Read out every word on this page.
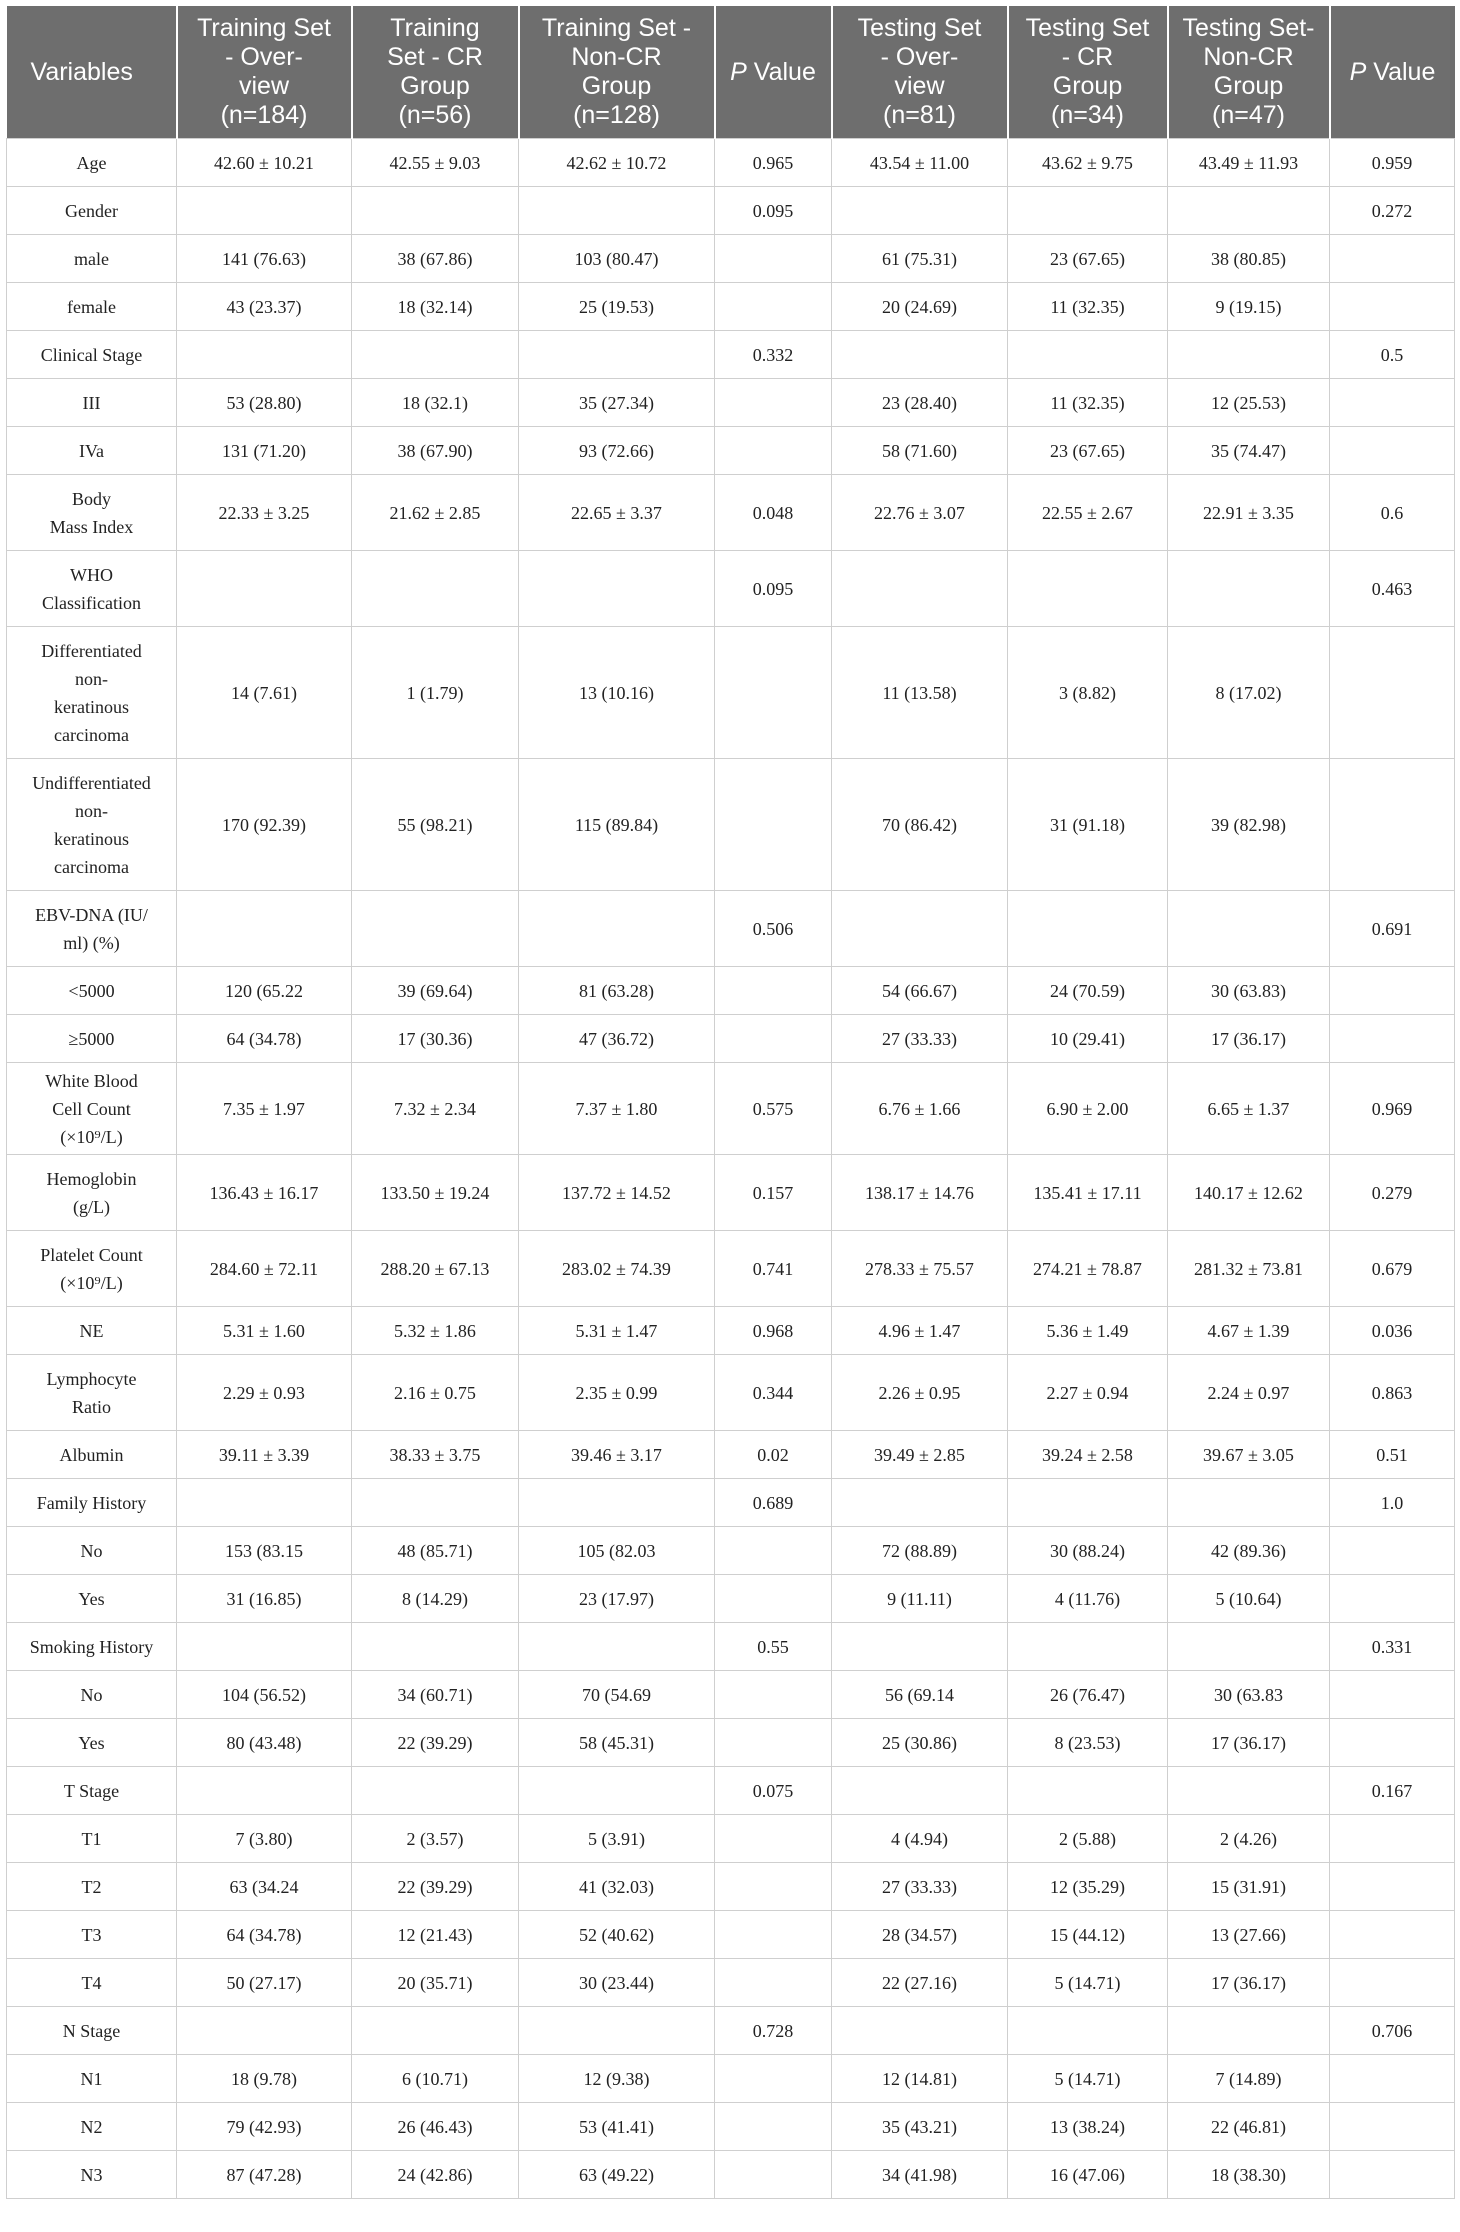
Variables	Training Set
- Over-
view
(n=184)	Training
Set - CR
Group
(n=56)	Training Set -
Non-CR
Group
(n=128)	P Value	Testing Set
- Over-
view
(n=81)	Testing Set
- CR
Group
(n=34)	Testing Set-
Non-CR
Group
(n=47)	P Value
Age	42.60 ± 10.21	42.55 ± 9.03	42.62 ± 10.72	0.965	43.54 ± 11.00	43.62 ± 9.75	43.49 ± 11.93	0.959
Gender				0.095				0.272
male	141 (76.63)	38 (67.86)	103 (80.47)		61 (75.31)	23 (67.65)	38 (80.85)	
female	43 (23.37)	18 (32.14)	25 (19.53)		20 (24.69)	11 (32.35)	9 (19.15)	
Clinical Stage				0.332				0.5
III	53 (28.80)	18 (32.1)	35 (27.34)		23 (28.40)	11 (32.35)	12 (25.53)	
IVa	131 (71.20)	38 (67.90)	93 (72.66)		58 (71.60)	23 (67.65)	35 (74.47)	
Body
Mass Index	22.33 ± 3.25	21.62 ± 2.85	22.65 ± 3.37	0.048	22.76 ± 3.07	22.55 ± 2.67	22.91 ± 3.35	0.6
WHO
Classification				0.095				0.463
Differentiated
non-
keratinous
carcinoma	14 (7.61)	1 (1.79)	13 (10.16)		11 (13.58)	3 (8.82)	8 (17.02)	
Undifferentiated
non-
keratinous
carcinoma	170 (92.39)	55 (98.21)	115 (89.84)		70 (86.42)	31 (91.18)	39 (82.98)	
EBV-DNA (IU/
ml) (%)				0.506				0.691
<5000	120 (65.22	39 (69.64)	81 (63.28)		54 (66.67)	24 (70.59)	30 (63.83)	
≥5000	64 (34.78)	17 (30.36)	47 (36.72)		27 (33.33)	10 (29.41)	17 (36.17)	
White Blood
Cell Count
(×10⁹/L)	7.35 ± 1.97	7.32 ± 2.34	7.37 ± 1.80	0.575	6.76 ± 1.66	6.90 ± 2.00	6.65 ± 1.37	0.969
Hemoglobin
(g/L)	136.43 ± 16.17	133.50 ± 19.24	137.72 ± 14.52	0.157	138.17 ± 14.76	135.41 ± 17.11	140.17 ± 12.62	0.279
Platelet Count
(×10⁹/L)	284.60 ± 72.11	288.20 ± 67.13	283.02 ± 74.39	0.741	278.33 ± 75.57	274.21 ± 78.87	281.32 ± 73.81	0.679
NE	5.31 ± 1.60	5.32 ± 1.86	5.31 ± 1.47	0.968	4.96 ± 1.47	5.36 ± 1.49	4.67 ± 1.39	0.036
Lymphocyte
Ratio	2.29 ± 0.93	2.16 ± 0.75	2.35 ± 0.99	0.344	2.26 ± 0.95	2.27 ± 0.94	2.24 ± 0.97	0.863
Albumin	39.11 ± 3.39	38.33 ± 3.75	39.46 ± 3.17	0.02	39.49 ± 2.85	39.24 ± 2.58	39.67 ± 3.05	0.51
Family History				0.689				1.0
No	153 (83.15	48 (85.71)	105 (82.03		72 (88.89)	30 (88.24)	42 (89.36)	
Yes	31 (16.85)	8 (14.29)	23 (17.97)		9 (11.11)	4 (11.76)	5 (10.64)	
Smoking History				0.55				0.331
No	104 (56.52)	34 (60.71)	70 (54.69		56 (69.14	26 (76.47)	30 (63.83	
Yes	80 (43.48)	22 (39.29)	58 (45.31)		25 (30.86)	8 (23.53)	17 (36.17)	
T Stage				0.075				0.167
T1	7 (3.80)	2 (3.57)	5 (3.91)		4 (4.94)	2 (5.88)	2 (4.26)	
T2	63 (34.24	22 (39.29)	41 (32.03)		27 (33.33)	12 (35.29)	15 (31.91)	
T3	64 (34.78)	12 (21.43)	52 (40.62)		28 (34.57)	15 (44.12)	13 (27.66)	
T4	50 (27.17)	20 (35.71)	30 (23.44)		22 (27.16)	5 (14.71)	17 (36.17)	
N Stage				0.728				0.706
N1	18 (9.78)	6 (10.71)	12 (9.38)		12 (14.81)	5 (14.71)	7 (14.89)	
N2	79 (42.93)	26 (46.43)	53 (41.41)		35 (43.21)	13 (38.24)	22 (46.81)	
N3	87 (47.28)	24 (42.86)	63 (49.22)		34 (41.98)	16 (47.06)	18 (38.30)	
